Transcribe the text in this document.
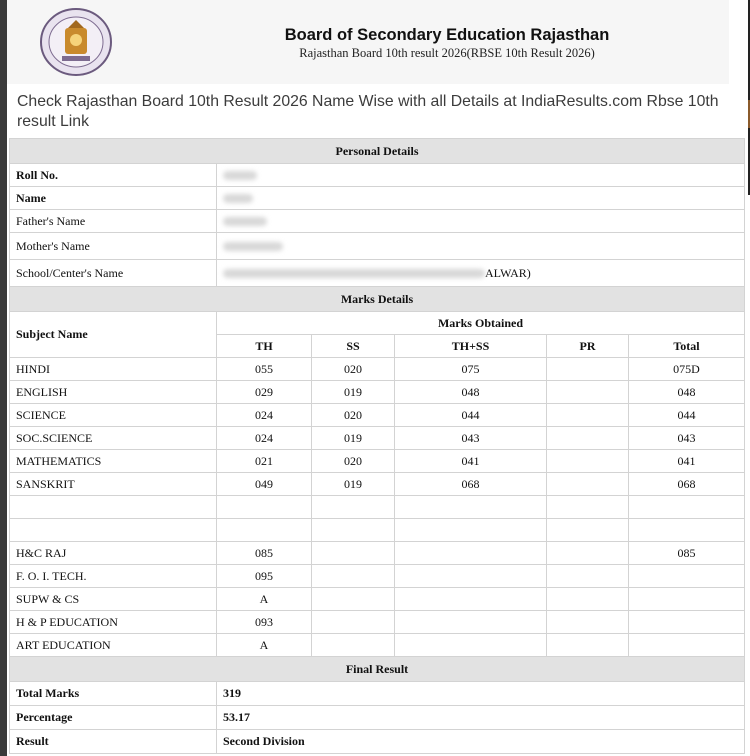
Board of Secondary Education Rajasthan
Rajasthan Board 10th result 2026(RBSE 10th Result 2026)
Check Rajasthan Board 10th Result 2026 Name Wise with all Details at IndiaResults.com Rbse 10th result Link
Personal Details					
Roll No.					
Name					
Father's Name					
Mother's Name					
School/Center's Name	ALWAR)				
Marks Details					
Subject Name	Marks Obtained				
	TH	SS	TH+SS	PR	Total
HINDI	055	020	075		075D
ENGLISH	029	019	048		048
SCIENCE	024	020	044		044
SOC.SCIENCE	024	019	043		043
MATHEMATICS	021	020	041		041
SANSKRIT	049	019	068		068

H&C RAJ	085				085
F. O. I. TECH.	095				
SUPW & CS	A				
H & P EDUCATION	093				
ART EDUCATION	A				
Final Result					
Total Marks	319				
Percentage	53.17				
Result	Second Division				
